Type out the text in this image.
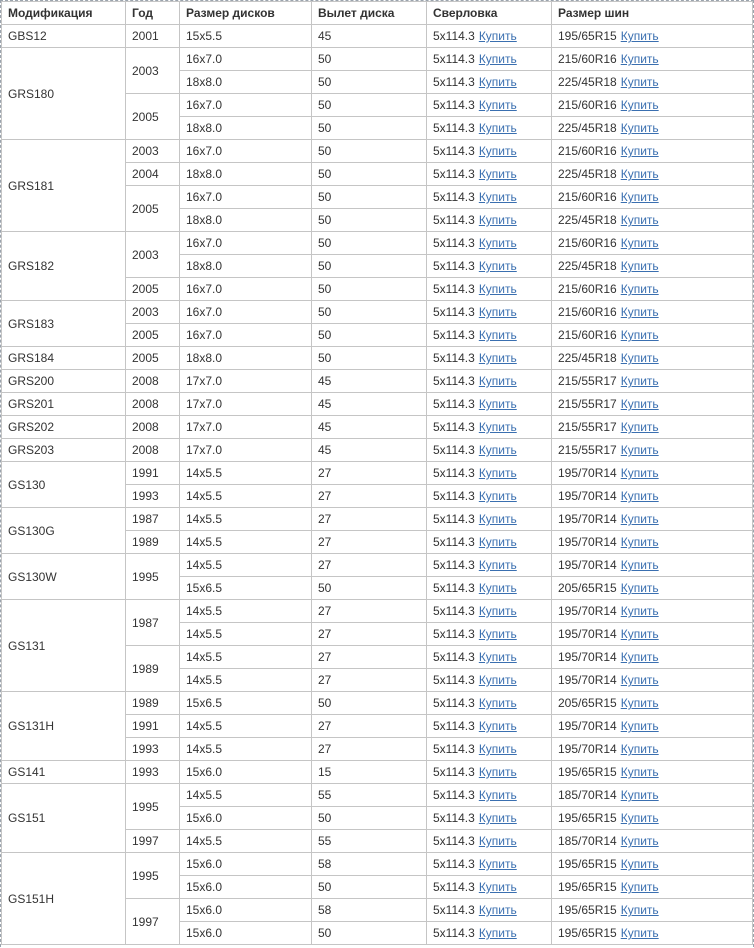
Модификация	Год	Размер дисков	Вылет диска	Сверловка	Размер шин
GBS12	2001	15x5.5	45	5x114.3 Купить	195/65R15 Купить
GRS180	2003	16x7.0	50	5x114.3 Купить	215/60R16 Купить
		18x8.0	50	5x114.3 Купить	225/45R18 Купить
	2005	16x7.0	50	5x114.3 Купить	215/60R16 Купить
		18x8.0	50	5x114.3 Купить	225/45R18 Купить
GRS181	2003	16x7.0	50	5x114.3 Купить	215/60R16 Купить
	2004	18x8.0	50	5x114.3 Купить	225/45R18 Купить
	2005	16x7.0	50	5x114.3 Купить	215/60R16 Купить
		18x8.0	50	5x114.3 Купить	225/45R18 Купить
GRS182	2003	16x7.0	50	5x114.3 Купить	215/60R16 Купить
		18x8.0	50	5x114.3 Купить	225/45R18 Купить
	2005	16x7.0	50	5x114.3 Купить	215/60R16 Купить
GRS183	2003	16x7.0	50	5x114.3 Купить	215/60R16 Купить
	2005	16x7.0	50	5x114.3 Купить	215/60R16 Купить
GRS184	2005	18x8.0	50	5x114.3 Купить	225/45R18 Купить
GRS200	2008	17x7.0	45	5x114.3 Купить	215/55R17 Купить
GRS201	2008	17x7.0	45	5x114.3 Купить	215/55R17 Купить
GRS202	2008	17x7.0	45	5x114.3 Купить	215/55R17 Купить
GRS203	2008	17x7.0	45	5x114.3 Купить	215/55R17 Купить
GS130	1991	14x5.5	27	5x114.3 Купить	195/70R14 Купить
	1993	14x5.5	27	5x114.3 Купить	195/70R14 Купить
GS130G	1987	14x5.5	27	5x114.3 Купить	195/70R14 Купить
	1989	14x5.5	27	5x114.3 Купить	195/70R14 Купить
GS130W	1995	14x5.5	27	5x114.3 Купить	195/70R14 Купить
		15x6.5	50	5x114.3 Купить	205/65R15 Купить
GS131	1987	14x5.5	27	5x114.3 Купить	195/70R14 Купить
		14x5.5	27	5x114.3 Купить	195/70R14 Купить
	1989	14x5.5	27	5x114.3 Купить	195/70R14 Купить
		14x5.5	27	5x114.3 Купить	195/70R14 Купить
GS131H	1989	15x6.5	50	5x114.3 Купить	205/65R15 Купить
	1991	14x5.5	27	5x114.3 Купить	195/70R14 Купить
	1993	14x5.5	27	5x114.3 Купить	195/70R14 Купить
GS141	1993	15x6.0	15	5x114.3 Купить	195/65R15 Купить
GS151	1995	14x5.5	55	5x114.3 Купить	185/70R14 Купить
		15x6.0	50	5x114.3 Купить	195/65R15 Купить
	1997	14x5.5	55	5x114.3 Купить	185/70R14 Купить
GS151H	1995	15x6.0	58	5x114.3 Купить	195/65R15 Купить
		15x6.0	50	5x114.3 Купить	195/65R15 Купить
	1997	15x6.0	58	5x114.3 Купить	195/65R15 Купить
		15x6.0	50	5x114.3 Купить	195/65R15 Купить
